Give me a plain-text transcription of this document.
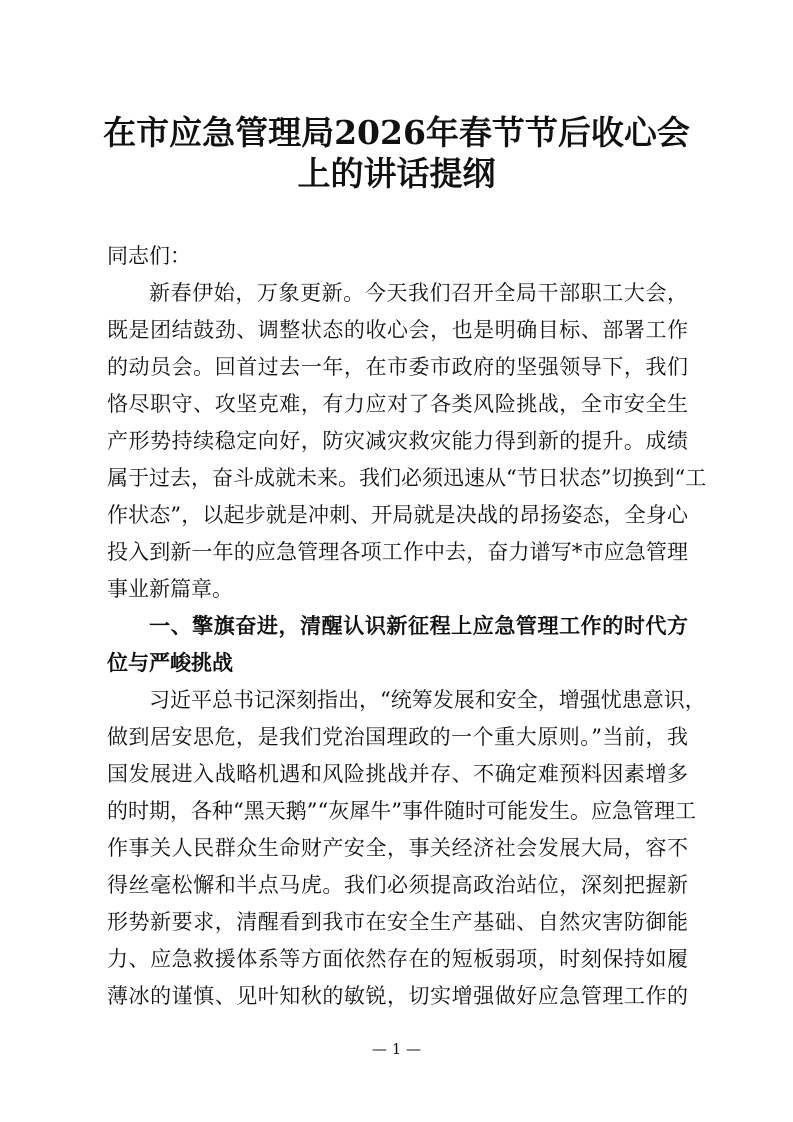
在市应急管理局2026年春节节后收心会
上的讲话提纲
同志们：
新春伊始，万象更新。今天我们召开全局干部职工大会，
既是团结鼓劲、调整状态的收心会，也是明确目标、部署工作
的动员会。回首过去一年，在市委市政府的坚强领导下，我们
恪尽职守、攻坚克难，有力应对了各类风险挑战，全市安全生
产形势持续稳定向好，防灾减灾救灾能力得到新的提升。成绩
属于过去，奋斗成就未来。我们必须迅速从“节日状态”切换到“工
作状态”，以起步就是冲刺、开局就是决战的昂扬姿态，全身心
投入到新一年的应急管理各项工作中去，奋力谱写*市应急管理
事业新篇章。
一、擎旗奋进，清醒认识新征程上应急管理工作的时代方
位与严峻挑战
习近平总书记深刻指出，“统筹发展和安全，增强忧患意识，
做到居安思危，是我们党治国理政的一个重大原则。”当前，我
国发展进入战略机遇和风险挑战并存、不确定难预料因素增多
的时期，各种“黑天鹅”“灰犀牛”事件随时可能发生。应急管理工
作事关人民群众生命财产安全，事关经济社会发展大局，容不
得丝毫松懈和半点马虎。我们必须提高政治站位，深刻把握新
形势新要求，清醒看到我市在安全生产基础、自然灾害防御能
力、应急救援体系等方面依然存在的短板弱项，时刻保持如履
薄冰的谨慎、见叶知秋的敏锐，切实增强做好应急管理工作的
— 1 —
